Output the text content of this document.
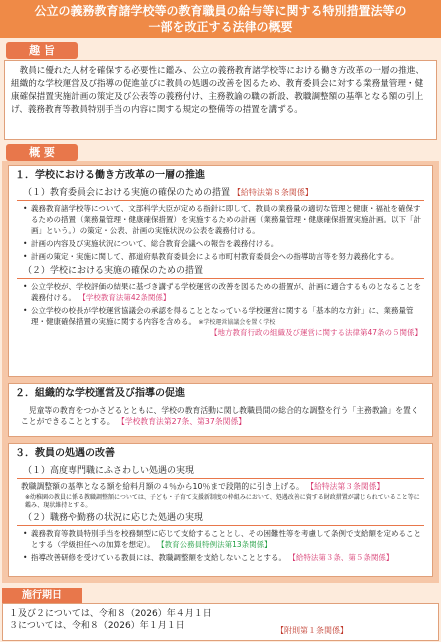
公立の義務教育諸学校等の教育職員の給与等に関する特別措置法等の
一部を改正する法律の概要
趣 旨
教員に優れた人材を確保する必要性に鑑み、公立の義務教育諸学校等における働き方改革の一層の推進、組織的な学校運営及び指導の促進並びに教員の処遇の改善を図るため、教育委員会に対する業務量管理・健康確保措置実施計画の策定及び公表等の義務付け、主務教諭の職の新設、教職調整額の基準となる額の引上げ、義務教育等教員特別手当の内容に関する規定の整備等の措置を講ずる。
概 要
１．学校における働き方改革の一層の推進
（１）教育委員会における実施の確保のための措置 【給特法第８条関係】
• 義務教育諸学校等について、文部科学大臣が定める指針に即して、教員の業務量の適切な管理と健康・福祉を確保するための措置（業務量管理・健康確保措置）を実施するための計画（業務量管理・健康確保措置実施計画。以下「計画」という。）の策定・公表、計画の実施状況の公表を義務付ける。
• 計画の内容及び実施状況について、総合教育会議への報告を義務付ける。
• 計画の策定・実施に関して、都道府県教育委員会による市町村教育委員会への指導助言等を努力義務化する。
（２）学校における実施の確保のための措置
• 公立学校が、学校評価の結果に基づき講ずる学校運営の改善を図るための措置が、計画に適合するものとなることを義務付ける。 【学校教育法第42条関係】
• 公立学校の校長が学校運営協議会の承認を得ることとなっている学校運営に関する「基本的な方針」に、業務量管理・健康確保措置の実施に関する内容を含める。 ※学校運営協議会を置く学校

【地方教育行政の組織及び運営に関する法律第47条の５関係】
２．組織的な学校運営及び指導の促進
児童等の教育をつかさどるとともに、学校の教育活動に関し教職員間の総合的な調整を行う「主務教諭」を置くことができることとする。 【学校教育法第27条、第37条関係】
３．教員の処遇の改善
（１）高度専門職にふさわしい処遇の実現
教職調整額の基準となる額を給料月額の４％から10％まで段階的に引き上げる。 【給特法第３条関係】
※幼稚園の教員に係る教職調整額については、子ども・子育て支援新制度の枠組みにおいて、処遇改善に資する財政措置が講じられていること等に鑑み、現状維持とする。
（２）職務や勤務の状況に応じた処遇の実現
• 義務教育等教員特別手当を校務類型に応じて支給することとし、その困難性等を考慮して条例で支給額を定めることとする（学級担任への加算を想定）。 【教育公務員特例法第13条関係】
• 指導改善研修を受けている教員には、教職調整額を支給しないこととする。 【給特法第３条、第５条関係】
施行期日
１及び２については、令和８（2026）年４月１日
３については、令和８（2026）年１月１日	【附則第１条関係】
